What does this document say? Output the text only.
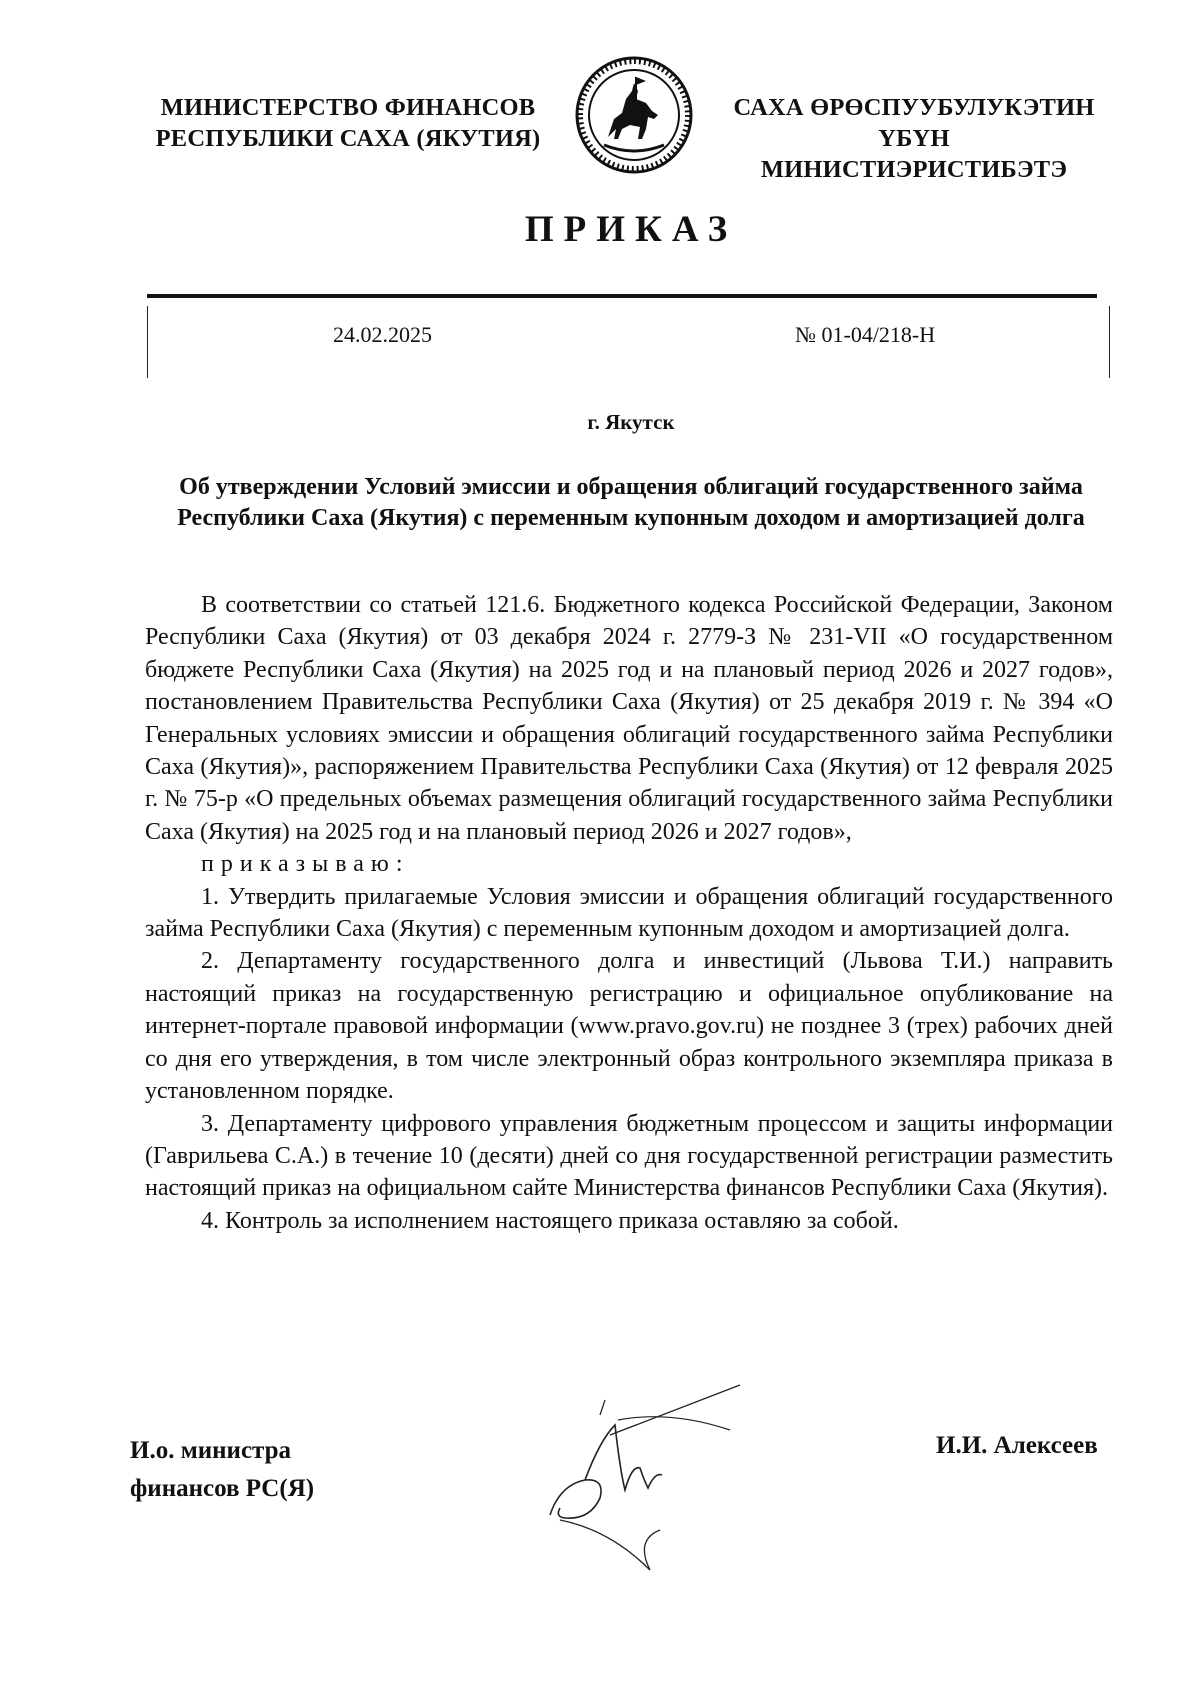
МИНИСТЕРСТВО ФИНАНСОВ РЕСПУБЛИКИ САХА (ЯКУТИЯ)
САХА ӨРӨСПУУБУЛУКЭТИН ҮБҮН МИНИСТИЭРИСТИБЭТЭ
ПРИКАЗ
24.02.2025	№ 01-04/218-Н
г. Якутск
Об утверждении Условий эмиссии и обращения облигаций государственного займа Республики Саха (Якутия) с переменным купонным доходом и амортизацией долга

В соответствии со статьей 121.6. Бюджетного кодекса Российской Федерации, Законом Республики Саха (Якутия) от 03 декабря 2024 г. 2779-З № 231-VII «О государственном бюджете Республики Саха (Якутия) на 2025 год и на плановый период 2026 и 2027 годов», постановлением Правительства Республики Саха (Якутия) от 25 декабря 2019 г. № 394 «О Генеральных условиях эмиссии и обращения облигаций государственного займа Республики Саха (Якутия)», распоряжением Правительства Республики Саха (Якутия) от 12 февраля 2025 г. № 75-р «О предельных объемах размещения облигаций государственного займа Республики Саха (Якутия) на 2025 год и на плановый период 2026 и 2027 годов»,

приказываю:

1. Утвердить прилагаемые Условия эмиссии и обращения облигаций государственного займа Республики Саха (Якутия) с переменным купонным доходом и амортизацией долга.

2. Департаменту государственного долга и инвестиций (Львова Т.И.) направить настоящий приказ на государственную регистрацию и официальное опубликование на интернет-портале правовой информации (www.pravo.gov.ru) не позднее 3 (трех) рабочих дней со дня его утверждения, в том числе электронный образ контрольного экземпляра приказа в установленном порядке.

3. Департаменту цифрового управления бюджетным процессом и защиты информации (Гаврильева С.А.) в течение 10 (десяти) дней со дня государственной регистрации разместить настоящий приказ на официальном сайте Министерства финансов Республики Саха (Якутия).

4. Контроль за исполнением настоящего приказа оставляю за собой.

И.о. министра
финансов РС(Я)
И.И. Алексеев
